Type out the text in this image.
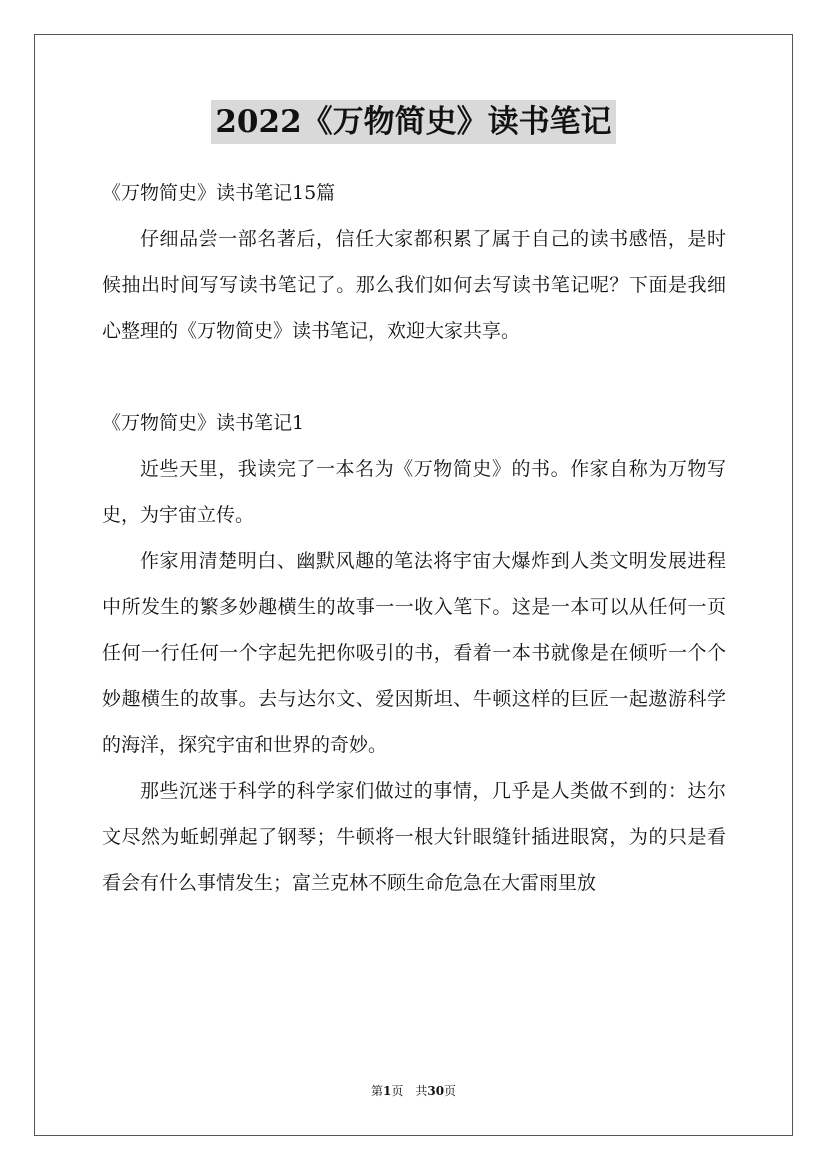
2022《万物简史》读书笔记

《万物简史》读书笔记15篇

仔细品尝一部名著后，信任大家都积累了属于自己的读书感悟，是时候抽出时间写写读书笔记了。那么我们如何去写读书笔记呢？下面是我细心整理的《万物简史》读书笔记，欢迎大家共享。

《万物简史》读书笔记1

近些天里，我读完了一本名为《万物简史》的书。作家自称为万物写史，为宇宙立传。

作家用清楚明白、幽默风趣的笔法将宇宙大爆炸到人类文明发展进程中所发生的繁多妙趣横生的故事一一收入笔下。这是一本可以从任何一页任何一行任何一个字起先把你吸引的书，看着一本书就像是在倾听一个个妙趣横生的故事。去与达尔文、爱因斯坦、牛顿这样的巨匠一起遨游科学的海洋，探究宇宙和世界的奇妙。

那些沉迷于科学的科学家们做过的事情，几乎是人类做不到的：达尔文尽然为蚯蚓弹起了钢琴；牛顿将一根大针眼缝针插进眼窝，为的只是看看会有什么事情发生；富兰克林不顾生命危急在大雷雨里放

第1页 共30页
